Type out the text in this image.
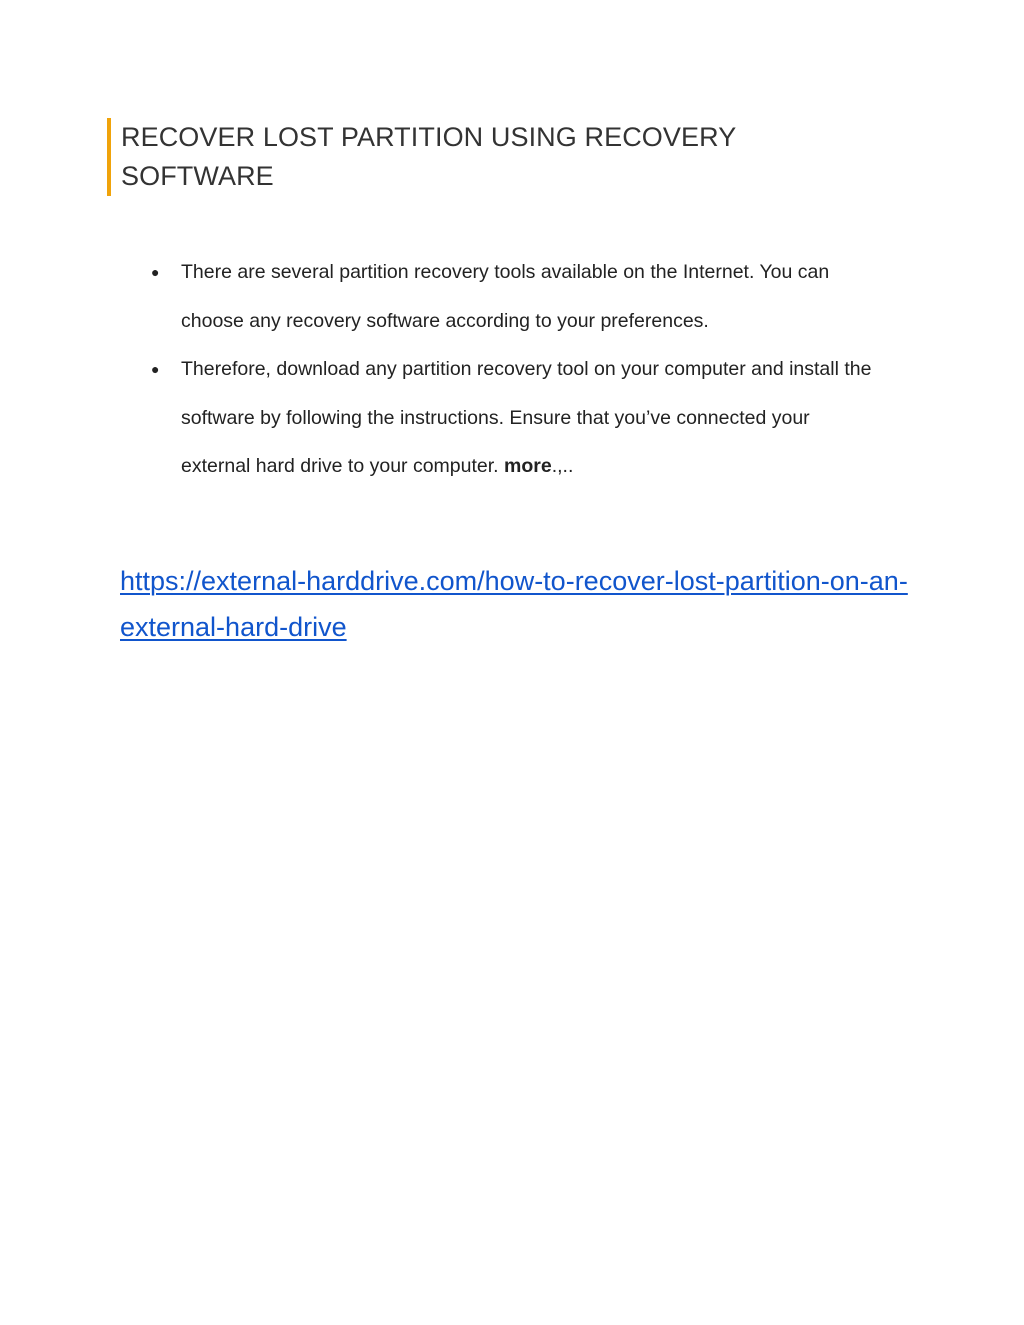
RECOVER LOST PARTITION USING RECOVERY
SOFTWARE
● There are several partition recovery tools available on the Internet. You can choose any recovery software according to your preferences.
● Therefore, download any partition recovery tool on your computer and install the software by following the instructions. Ensure that you’ve connected your external hard drive to your computer. more.,..
https://external-harddrive.com/how-to-recover-lost-partition-on-an-
external-hard-drive
